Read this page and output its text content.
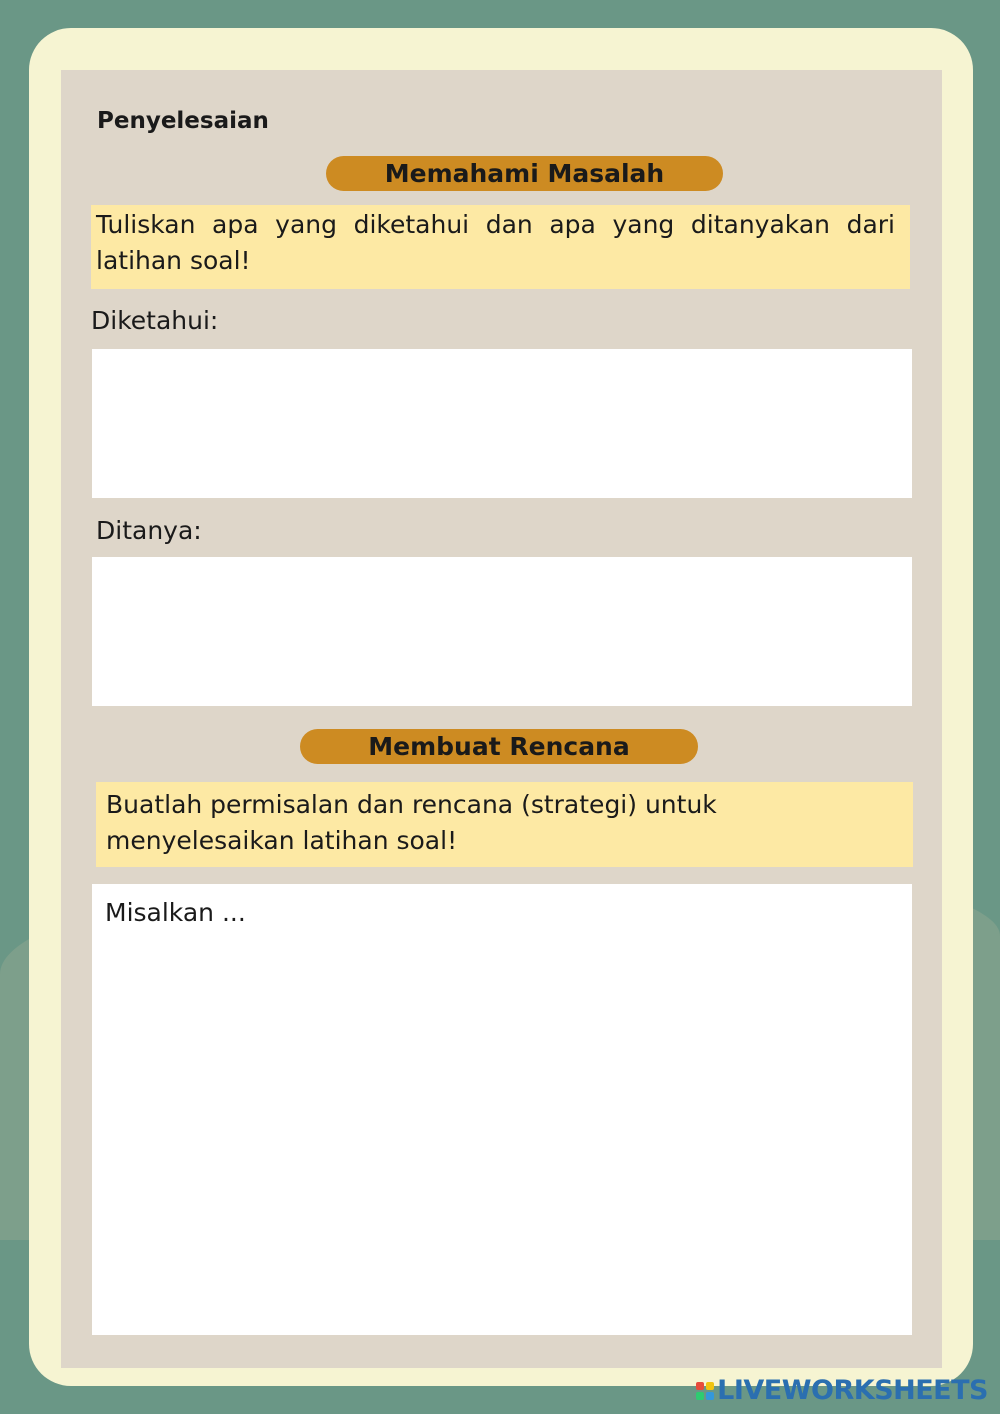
Penyelesaian
Memahami Masalah
Tuliskan apa yang diketahui dan apa yang ditanyakan dari latihan soal!
Diketahui:
Ditanya:
Membuat Rencana
Buatlah permisalan dan rencana (strategi) untuk menyelesaikan latihan soal!
Misalkan ...
LIVEWORKSHEETS
